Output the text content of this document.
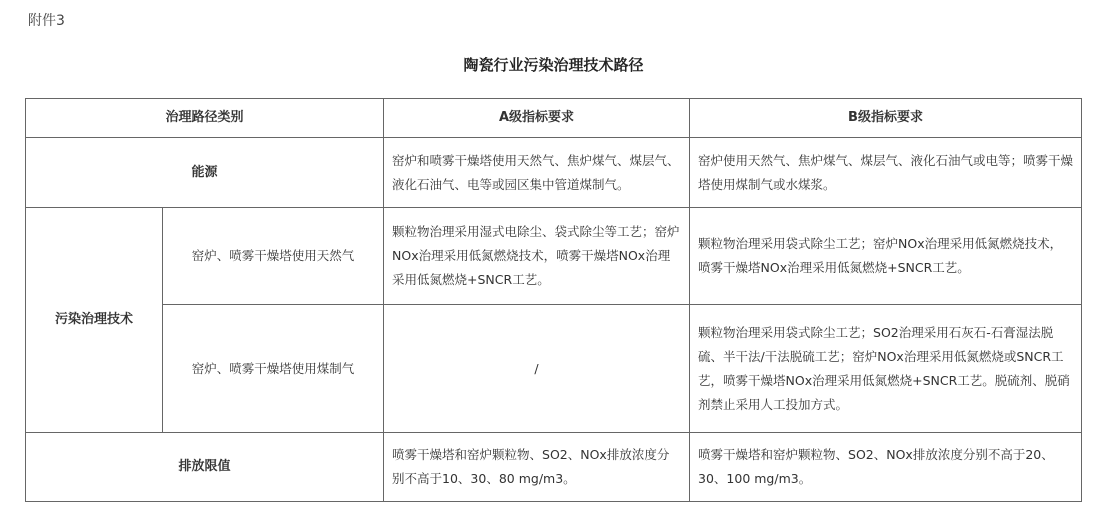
附件3
陶瓷行业污染治理技术路径
治理路径类别		A级指标要求	B级指标要求
能源		窑炉和喷雾干燥塔使用天然气、焦炉煤气、煤层气、液化石油气、电等或园区集中管道煤制气。	窑炉使用天然气、焦炉煤气、煤层气、液化石油气或电等；喷雾干燥塔使用煤制气或水煤浆。
污染治理技术	窑炉、喷雾干燥塔使用天然气	颗粒物治理采用湿式电除尘、袋式除尘等工艺；窑炉NOx治理采用低氮燃烧技术，喷雾干燥塔NOx治理采用低氮燃烧+SNCR工艺。	颗粒物治理采用袋式除尘工艺；窑炉NOx治理采用低氮燃烧技术，喷雾干燥塔NOx治理采用低氮燃烧+SNCR工艺。
	窑炉、喷雾干燥塔使用煤制气	/	颗粒物治理采用袋式除尘工艺；SO2治理采用石灰石-石膏湿法脱硫、半干法/干法脱硫工艺；窑炉NOx治理采用低氮燃烧或SNCR工艺，喷雾干燥塔NOx治理采用低氮燃烧+SNCR工艺。脱硫剂、脱硝剂禁止采用人工投加方式。
排放限值		喷雾干燥塔和窑炉颗粒物、SO2、NOx排放浓度分别不高于10、30、80 mg/m3。	喷雾干燥塔和窑炉颗粒物、SO2、NOx排放浓度分别不高于20、30、100 mg/m3。
